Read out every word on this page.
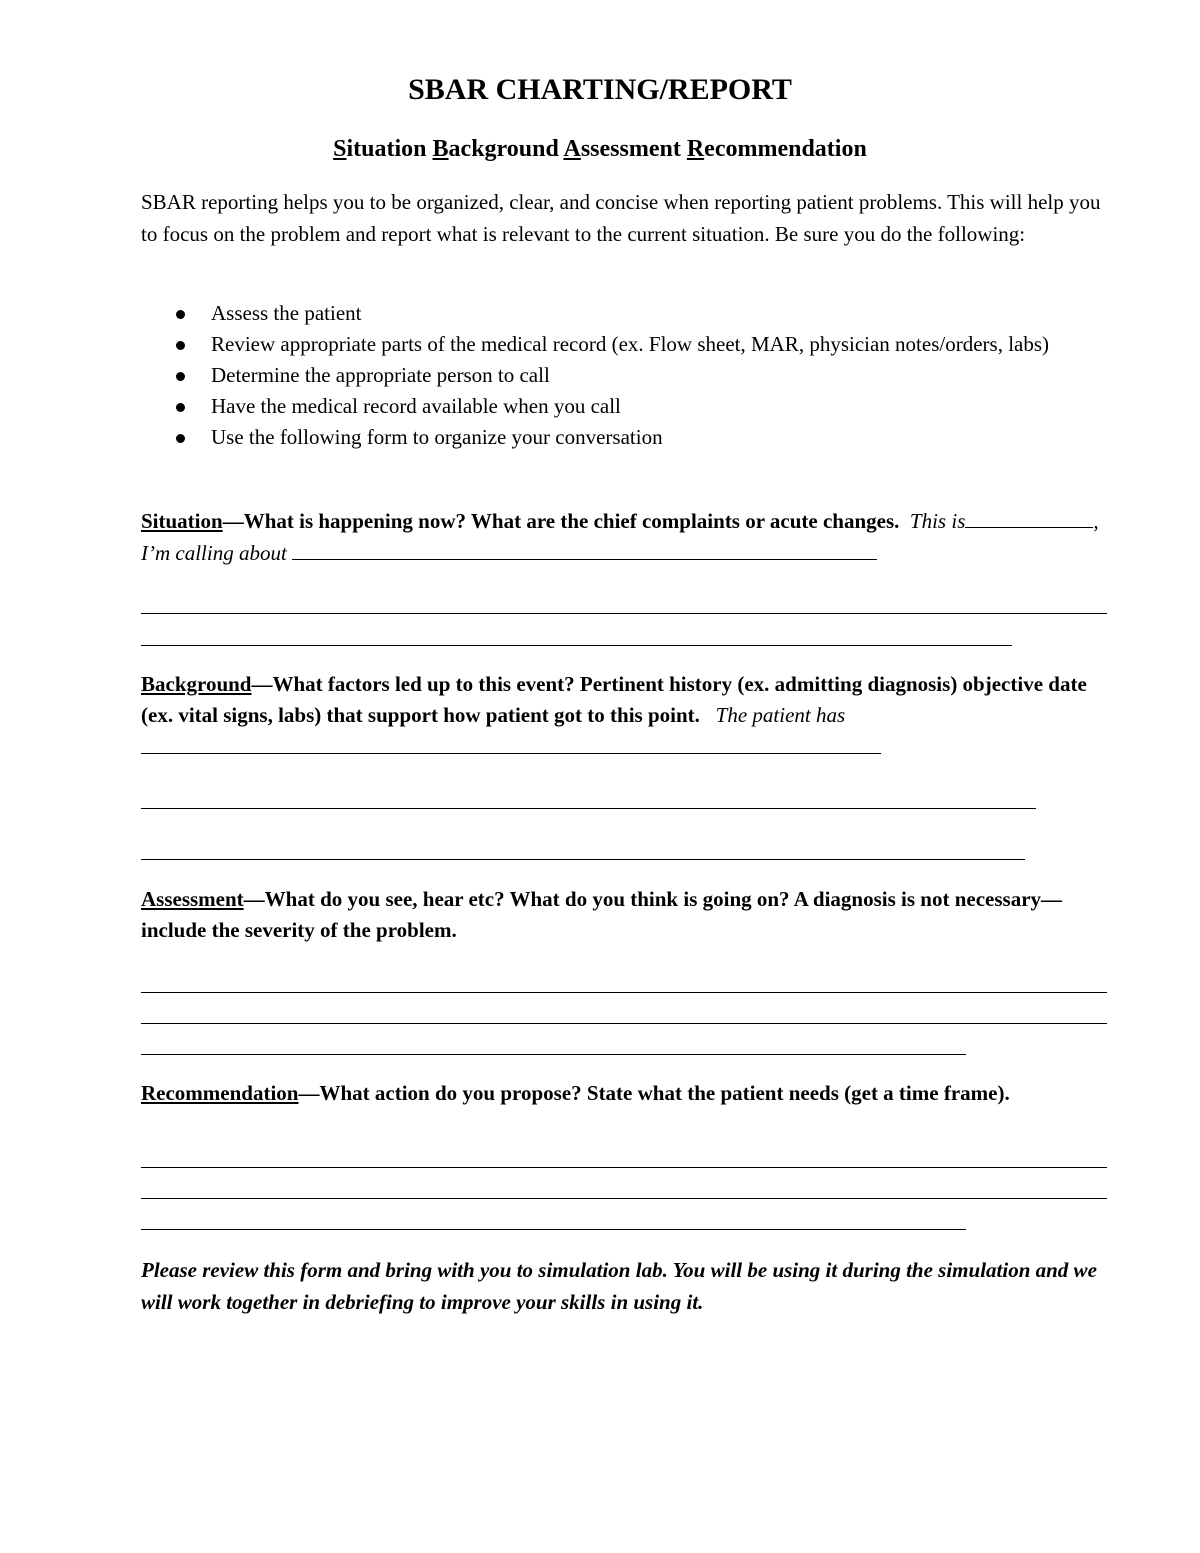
SBAR CHARTING/REPORT
Situation Background Assessment Recommendation
SBAR reporting helps you to be organized, clear, and concise when reporting patient problems. This will help you to focus on the problem and report what is relevant to the current situation. Be sure you do the following:
Assess the patient
Review appropriate parts of the medical record (ex. Flow sheet, MAR, physician notes/orders, labs)
Determine the appropriate person to call
Have the medical record available when you call
Use the following form to organize your conversation
Situation—What is happening now? What are the chief complaints or acute changes. This is	, I’m calling about
Background—What factors led up to this event? Pertinent history (ex. admitting diagnosis) objective date (ex. vital signs, labs) that support how patient got to this point. The patient has
Assessment—What do you see, hear etc? What do you think is going on? A diagnosis is not necessary—include the severity of the problem.
Recommendation—What action do you propose? State what the patient needs (get a time frame).
Please review this form and bring with you to simulation lab. You will be using it during the simulation and we will work together in debriefing to improve your skills in using it.
